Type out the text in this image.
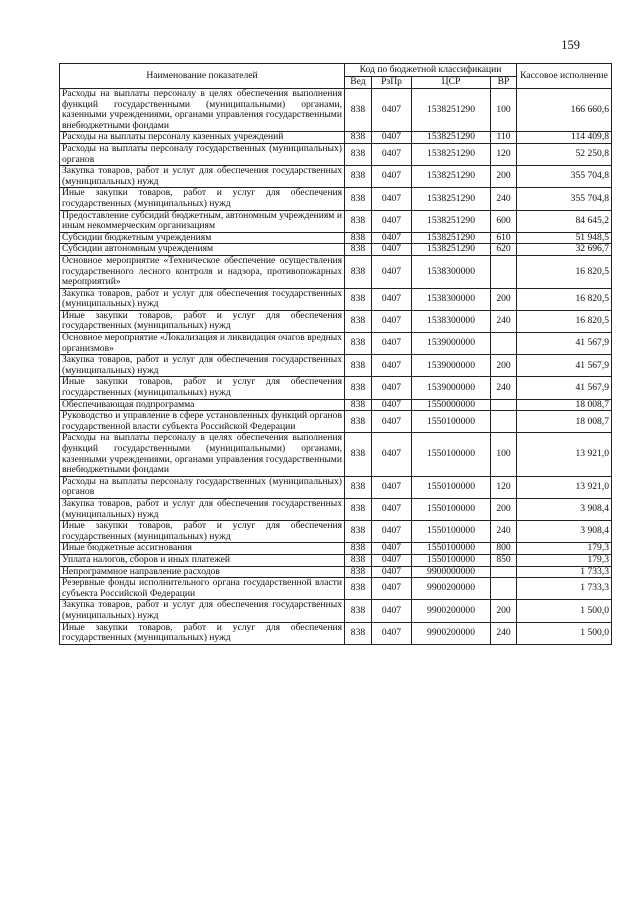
159
Наименование показателей	Код по бюджетной классификации				Кассовое исполнение
	Вед	РзПр	ЦСР	ВР	
Расходы на выплаты персоналу в целях обеспечения выполнения функций государственными (муниципальными) органами, казенными учреждениями, органами управления государственными внебюджетными фондами	838	0407	1538251290	100	166 660,6
Расходы на выплаты персоналу казенных учреждений	838	0407	1538251290	110	114 409,8
Расходы на выплаты персоналу государственных (муниципальных) органов	838	0407	1538251290	120	52 250,8
Закупка товаров, работ и услуг для обеспечения государственных (муниципальных) нужд	838	0407	1538251290	200	355 704,8
Иные закупки товаров, работ и услуг для обеспечения государственных (муниципальных) нужд	838	0407	1538251290	240	355 704,8
Предоставление субсидий бюджетным, автономным учреждениям и иным некоммерческим организациям	838	0407	1538251290	600	84 645,2
Субсидии бюджетным учреждениям	838	0407	1538251290	610	51 948,5
Субсидии автономным учреждениям	838	0407	1538251290	620	32 696,7
Основное мероприятие «Техническое обеспечение осуществления государственного лесного контроля и надзора, противопожарных мероприятий»	838	0407	1538300000		16 820,5
Закупка товаров, работ и услуг для обеспечения государственных (муниципальных) нужд	838	0407	1538300000	200	16 820,5
Иные закупки товаров, работ и услуг для обеспечения государственных (муниципальных) нужд	838	0407	1538300000	240	16 820,5
Основное мероприятие «Локализация и ликвидация очагов вредных организмов»	838	0407	1539000000		41 567,9
Закупка товаров, работ и услуг для обеспечения государственных (муниципальных) нужд	838	0407	1539000000	200	41 567,9
Иные закупки товаров, работ и услуг для обеспечения государственных (муниципальных) нужд	838	0407	1539000000	240	41 567,9
Обеспечивающая подпрограмма	838	0407	1550000000		18 008,7
Руководство и управление в сфере установленных функций органов государственной власти субъекта Российской Федерации	838	0407	1550100000		18 008,7
Расходы на выплаты персоналу в целях обеспечения выполнения функций государственными (муниципальными) органами, казенными учреждениями, органами управления государственными внебюджетными фондами	838	0407	1550100000	100	13 921,0
Расходы на выплаты персоналу государственных (муниципальных) органов	838	0407	1550100000	120	13 921,0
Закупка товаров, работ и услуг для обеспечения государственных (муниципальных) нужд	838	0407	1550100000	200	3 908,4
Иные закупки товаров, работ и услуг для обеспечения государственных (муниципальных) нужд	838	0407	1550100000	240	3 908,4
Иные бюджетные ассигнования	838	0407	1550100000	800	179,3
Уплата налогов, сборов и иных платежей	838	0407	1550100000	850	179,3
Непрограммное направление расходов	838	0407	9900000000		1 733,3
Резервные фонды исполнительного органа государственной власти субъекта Российской Федерации	838	0407	9900200000		1 733,3
Закупка товаров, работ и услуг для обеспечения государственных (муниципальных) нужд	838	0407	9900200000	200	1 500,0
Иные закупки товаров, работ и услуг для обеспечения государственных (муниципальных) нужд	838	0407	9900200000	240	1 500,0
